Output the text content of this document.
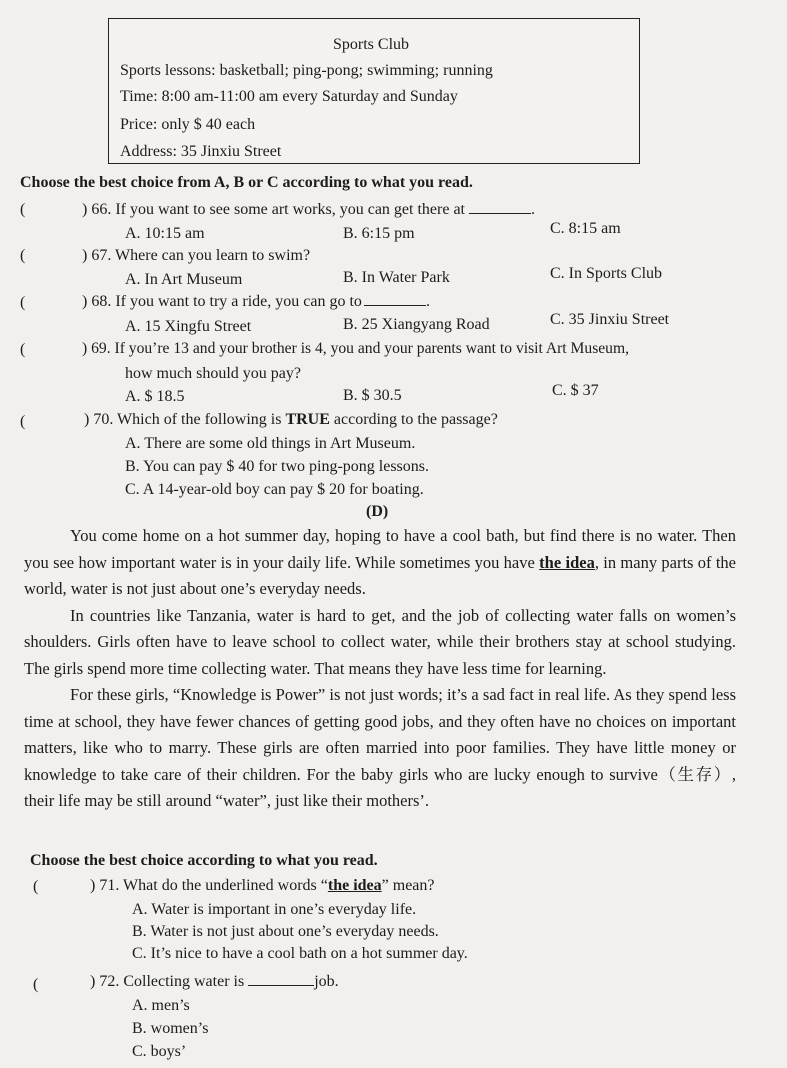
Sports Club
Sports lessons: basketball; ping-pong; swimming; running
Time: 8:00 am-11:00 am every Saturday and Sunday
Price: only $ 40 each
Address: 35 Jinxiu Street
Choose the best choice from A, B or C according to what you read.
(	) 66. If you want to see some art works, you can get there at	.
A. 10:15 am	B. 6:15 pm	C. 8:15 am
(	) 67. Where can you learn to swim?
A. In Art Museum	B. In Water Park	C. In Sports Club
(	) 68. If you want to try a ride, you can go to	.
A. 15 Xingfu Street	B. 25 Xiangyang Road	C. 35 Jinxiu Street
(	) 69. If you’re 13 and your brother is 4, you and your parents want to visit Art Museum,
how much should you pay?
A. $ 18.5	B. $ 30.5	C. $ 37
(	) 70. Which of the following is TRUE according to the passage?
A. There are some old things in Art Museum.
B. You can pay $ 40 for two ping-pong lessons.
C. A 14-year-old boy can pay $ 20 for boating.
(D)

You come home on a hot summer day, hoping to have a cool bath, but find there is no water. Then you see how important water is in your daily life. While sometimes you have the idea, in many parts of the world, water is not just about one’s everyday needs.

In countries like Tanzania, water is hard to get, and the job of collecting water falls on women’s shoulders. Girls often have to leave school to collect water, while their brothers stay at school studying. The girls spend more time collecting water. That means they have less time for learning.

For these girls, “Knowledge is Power” is not just words; it’s a sad fact in real life. As they spend less time at school, they have fewer chances of getting good jobs, and they often have no choices on important matters, like who to marry. These girls are often married into poor families. They have little money or knowledge to take care of their children. For the baby girls who are lucky enough to survive（生存）, their life may be still around “water”, just like their mothers’.

Choose the best choice according to what you read.
(	) 71. What do the underlined words “the idea” mean?
A. Water is important in one’s everyday life.
B. Water is not just about one’s everyday needs.
C. It’s nice to have a cool bath on a hot summer day.
(	) 72. Collecting water is	job.
A. men’s
B. women’s
C. boys’
